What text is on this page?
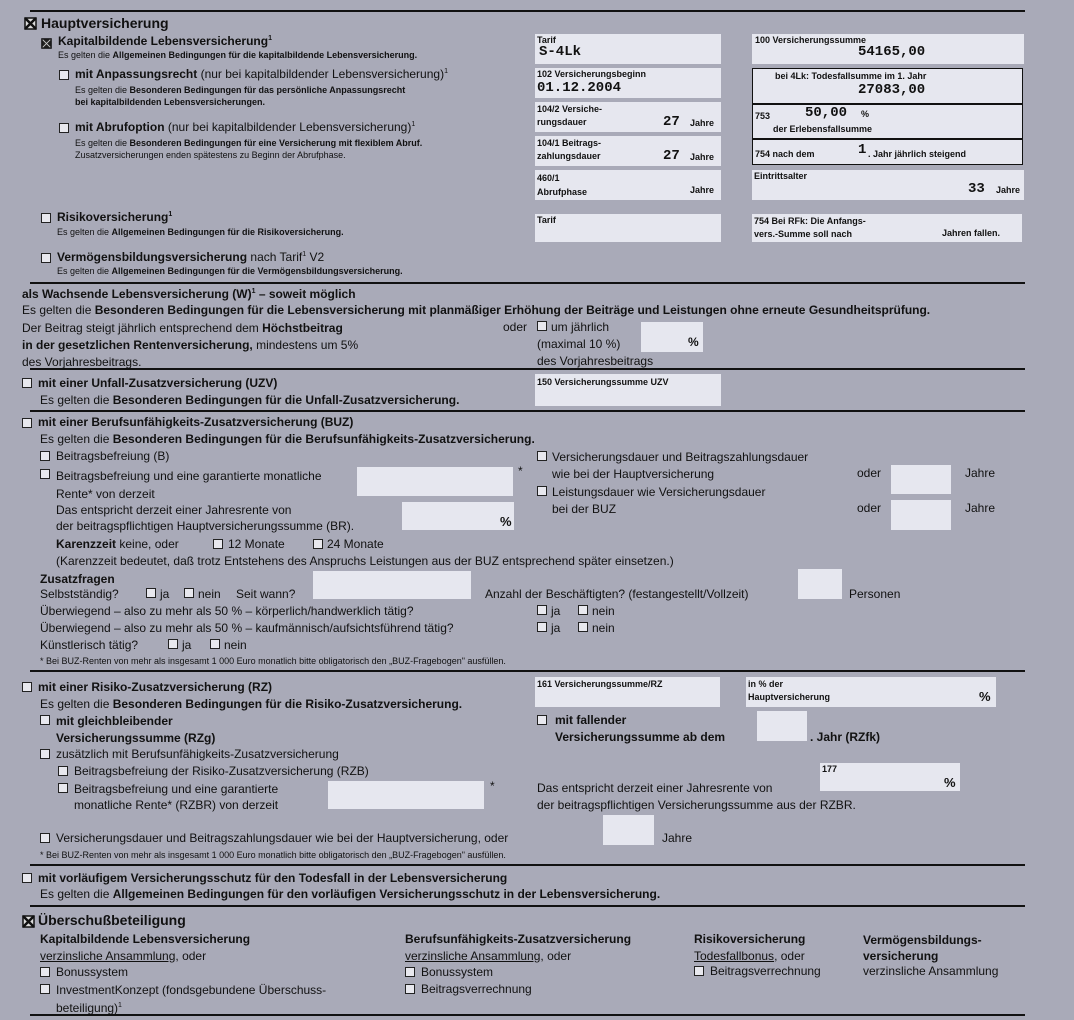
Hauptversicherung
Kapitalbildende Lebensversicherung$^1$
Es gelten die Allgemeinen Bedingungen für die kapitalbildende Lebensversicherung.
mit Anpassungsrecht (nur bei kapitalbildender Lebensversicherung)$^1$
Es gelten die Besonderen Bedingungen für das persönliche Anpassungsrecht
bei kapitalbildenden Lebensversicherungen.
mit Abrufoption (nur bei kapitalbildender Lebensversicherung)$^1$
Es gelten die Besonderen Bedingungen für eine Versicherung mit flexiblem Abruf.
Zusatzversicherungen enden spätestens zu Beginn der Abrufphase.
Risikoversicherung$^1$
Es gelten die Allgemeinen Bedingungen für die Risikoversicherung.
Vermögensbildungsversicherung nach Tarif$^1$ V2
Es gelten die Allgemeinen Bedingungen für die Vermögensbildungsversicherung.
Tarif
S-4Lk
102 Versicherungsbeginn
01.12.2004
104/2 Versiche-
rungsdauer	27 Jahre
104/1 Beitrags-
zahlungsdauer	27 Jahre
460/1
Abrufphase	Jahre
Tarif
100 Versicherungssumme
54165,00
bei 4Lk: Todesfallsumme im 1. Jahr
27083,00
753 50,00 %
der Erlebensfallsumme
754 nach dem	1 . Jahr jährlich steigend
Eintrittsalter
33 Jahre
754 Bei RFk: Die Anfangs-
vers.-Summe soll nach	Jahren fallen.
als Wachsende Lebensversicherung $(W)^1$ – soweit möglich
Es gelten die Besonderen Bedingungen für die Lebensversicherung mit planmäßiger Erhöhung der Beiträge und Leistungen ohne erneute Gesundheitsprüfung.
Der Beitrag steigt jährlich entsprechend dem Höchstbeitrag
in der gesetzlichen Rentenversicherung, mindestens um 5%
des Vorjahresbeitrags.
oder um jährlich
(maximal 10 %)
des Vorjahresbeitrags
%
mit einer Unfall-Zusatzversicherung (UZV)
Es gelten die Besonderen Bedingungen für die Unfall-Zusatzversicherung.
150 Versicherungssumme UZV
mit einer Berufsunfähigkeits-Zusatzversicherung (BUZ)
Es gelten die Besonderen Bedingungen für die Berufsunfähigkeits-Zusatzversicherung.
Beitragsbefreiung (B)
Beitragsbefreiung und eine garantierte monatliche
Rente* von derzeit
*
Das entspricht derzeit einer Jahresrente von
der beitragspflichtigen Hauptversicherungssumme (BR).	%
Karenzzeit keine, oder	12 Monate	24 Monate
(Karenzzeit bedeutet, daß trotz Entstehens des Anspruchs Leistungen aus der BUZ entsprechend später einsetzen.)
Versicherungsdauer und Beitragszahlungsdauer
wie bei der Hauptversicherung	oder	Jahre
Leistungsdauer wie Versicherungsdauer
bei der BUZ	oder	Jahre
Zusatzfragen
Selbstständig?	ja nein Seit wann?	Anzahl der Beschäftigten? (festangestellt/Vollzeit)	Personen
Überwiegend – also zu mehr als 50 % – körperlich/handwerklich tätig?	ja	nein
Überwiegend – also zu mehr als 50 % – kaufmännisch/aufsichtsführend tätig?	ja	nein
Künstlerisch tätig?	ja	nein
* Bei BUZ-Renten von mehr als insgesamt 1 000 Euro monatlich bitte obligatorisch den „BUZ-Fragebogen" ausfüllen.
mit einer Risiko-Zusatzversicherung (RZ)
Es gelten die Besonderen Bedingungen für die Risiko-Zusatzversicherung.
161 Versicherungssumme/RZ	in % der
Hauptversicherung	%
mit gleichbleibender
Versicherungssumme (RZg)
mit fallender
Versicherungssumme ab dem	. Jahr (RZfk)
zusätzlich mit Berufsunfähigkeits-Zusatzversicherung
Beitragsbefreiung der Risiko-Zusatzversicherung (RZB)
Beitragsbefreiung und eine garantierte
monatliche Rente* (RZBR) von derzeit
*
177
%
Das entspricht derzeit einer Jahresrente von
der beitragspflichtigen Versicherungssumme aus der RZBR.
Versicherungsdauer und Beitragszahlungsdauer wie bei der Hauptversicherung, oder	Jahre
* Bei BUZ-Renten von mehr als insgesamt 1 000 Euro monatlich bitte obligatorisch den „BUZ-Fragebogen" ausfüllen.
mit vorläufigem Versicherungsschutz für den Todesfall in der Lebensversicherung
Es gelten die Allgemeinen Bedingungen für den vorläufigen Versicherungsschutz in der Lebensversicherung.
Überschußbeteiligung
Kapitalbildende Lebensversicherung
verzinsliche Ansammlung, oder
Bonussystem
InvestmentKonzept (fondsgebundene Überschuss-
beteiligung)$^1$
Berufsunfähigkeits-Zusatzversicherung
verzinsliche Ansammlung, oder
Bonussystem
Beitragsverrechnung
Risikoversicherung
Todesfallbonus, oder
Beitragsverrechnung
Vermögensbildungs-
versicherung
verzinsliche Ansammlung
